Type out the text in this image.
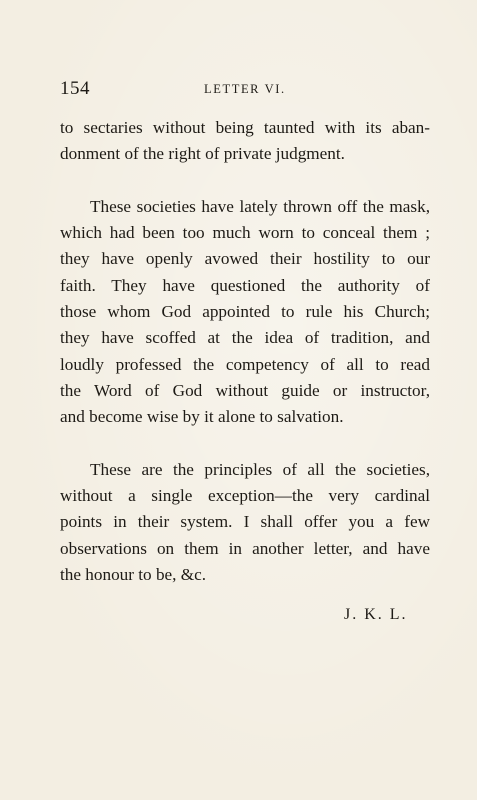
154	LETTER VI.
to sectaries without being taunted with its aban-
donment of the right of private judgment.
These societies have lately thrown off the mask,
which had been too much worn to conceal them ;
they have openly avowed their hostility to our
faith. They have questioned the authority of
those whom God appointed to rule his Church;
they have scoffed at the idea of tradition, and
loudly professed the competency of all to read
the Word of God without guide or instructor,
and become wise by it alone to salvation.
These are the principles of all the societies,
without a single exception—the very cardinal
points in their system. I shall offer you a few
observations on them in another letter, and have
the honour to be, &c.
J. K. L.
